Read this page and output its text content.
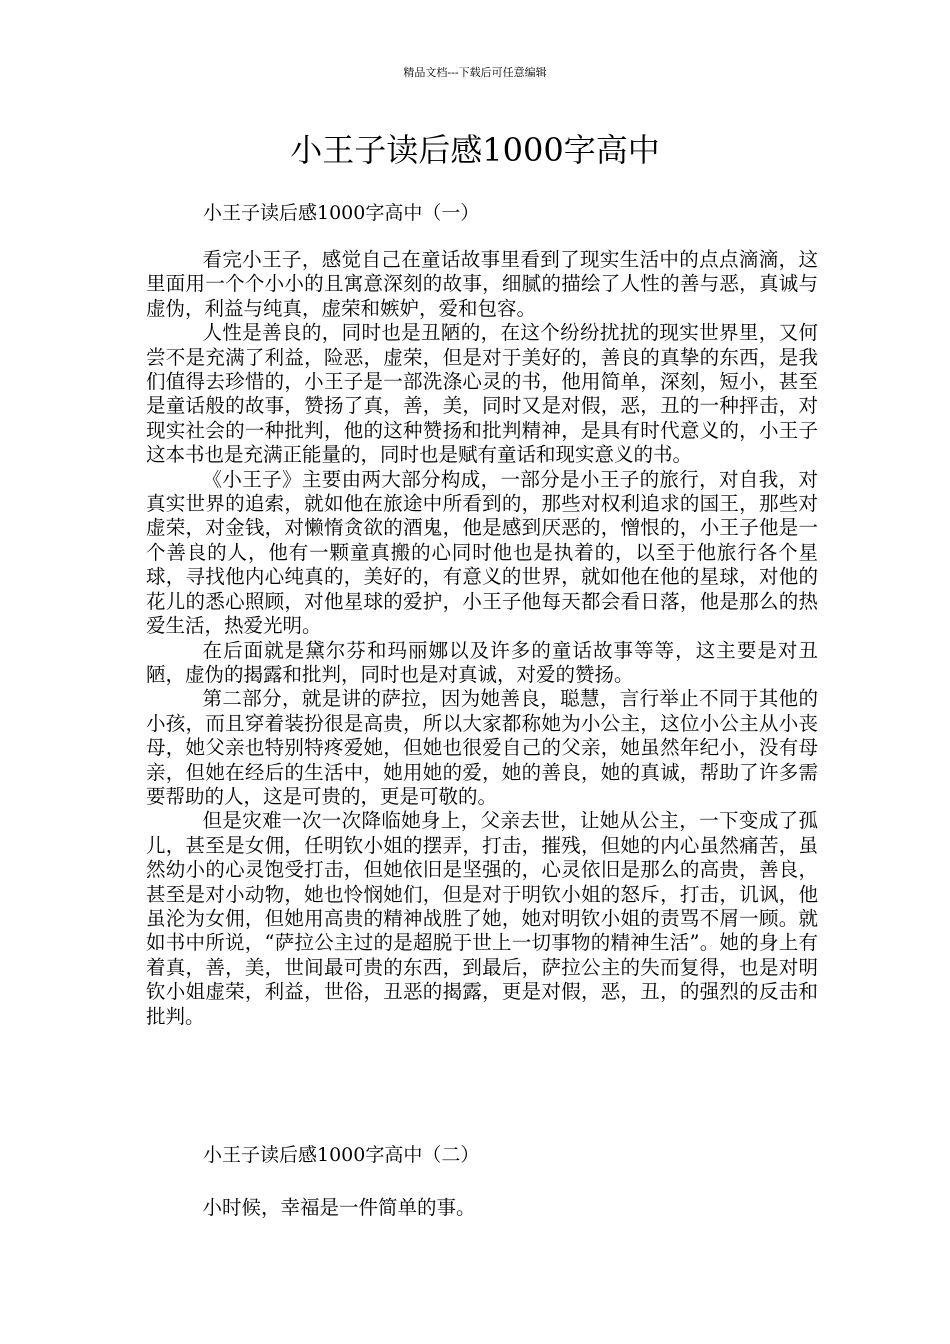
精品文档---下载后可任意编辑
小王子读后感1000字高中
小王子读后感1000字高中（一）

看完小王子，感觉自己在童话故事里看到了现实生活中的点点滴滴，这里面用一个个小小的且寓意深刻的故事，细腻的描绘了人性的善与恶，真诚与虚伪，利益与纯真，虚荣和嫉妒，爱和包容。

人性是善良的，同时也是丑陋的，在这个纷纷扰扰的现实世界里，又何尝不是充满了利益，险恶，虚荣，但是对于美好的，善良的真挚的东西，是我们值得去珍惜的，小王子是一部洗涤心灵的书，他用简单，深刻，短小，甚至是童话般的故事，赞扬了真，善，美，同时又是对假，恶，丑的一种抨击，对现实社会的一种批判，他的这种赞扬和批判精神，是具有时代意义的，小王子这本书也是充满正能量的，同时也是赋有童话和现实意义的书。

《小王子》主要由两大部分构成，一部分是小王子的旅行，对自我，对真实世界的追索，就如他在旅途中所看到的，那些对权利追求的国王，那些对虚荣，对金钱，对懒惰贪欲的酒鬼，他是感到厌恶的，憎恨的，小王子他是一个善良的人，他有一颗童真搬的心同时他也是执着的，以至于他旅行各个星球，寻找他内心纯真的，美好的，有意义的世界，就如他在他的星球，对他的花儿的悉心照顾，对他星球的爱护，小王子他每天都会看日落，他是那么的热爱生活，热爱光明。

在后面就是黛尔芬和玛丽娜以及许多的童话故事等等，这主要是对丑陋，虚伪的揭露和批判，同时也是对真诚，对爱的赞扬。

第二部分，就是讲的萨拉，因为她善良，聪慧，言行举止不同于其他的小孩，而且穿着装扮很是高贵，所以大家都称她为小公主，这位小公主从小丧母，她父亲也特别特疼爱她，但她也很爱自己的父亲，她虽然年纪小，没有母亲，但她在经后的生活中，她用她的爱，她的善良，她的真诚，帮助了许多需要帮助的人，这是可贵的，更是可敬的。

但是灾难一次一次降临她身上，父亲去世，让她从公主，一下变成了孤儿，甚至是女佣，任明钦小姐的摆弄，打击，摧残，但她的内心虽然痛苦，虽然幼小的心灵饱受打击，但她依旧是坚强的，心灵依旧是那么的高贵，善良，甚至是对小动物，她也怜悯她们，但是对于明钦小姐的怒斥，打击，讥讽，他虽沦为女佣，但她用高贵的精神战胜了她，她对明钦小姐的责骂不屑一顾。就如书中所说，“萨拉公主过的是超脱于世上一切事物的精神生活”。她的身上有着真，善，美，世间最可贵的东西，到最后，萨拉公主的失而复得，也是对明钦小姐虚荣，利益，世俗，丑恶的揭露，更是对假，恶，丑，的强烈的反击和批判。

小王子读后感1000字高中（二）

小时候，幸福是一件简单的事。
